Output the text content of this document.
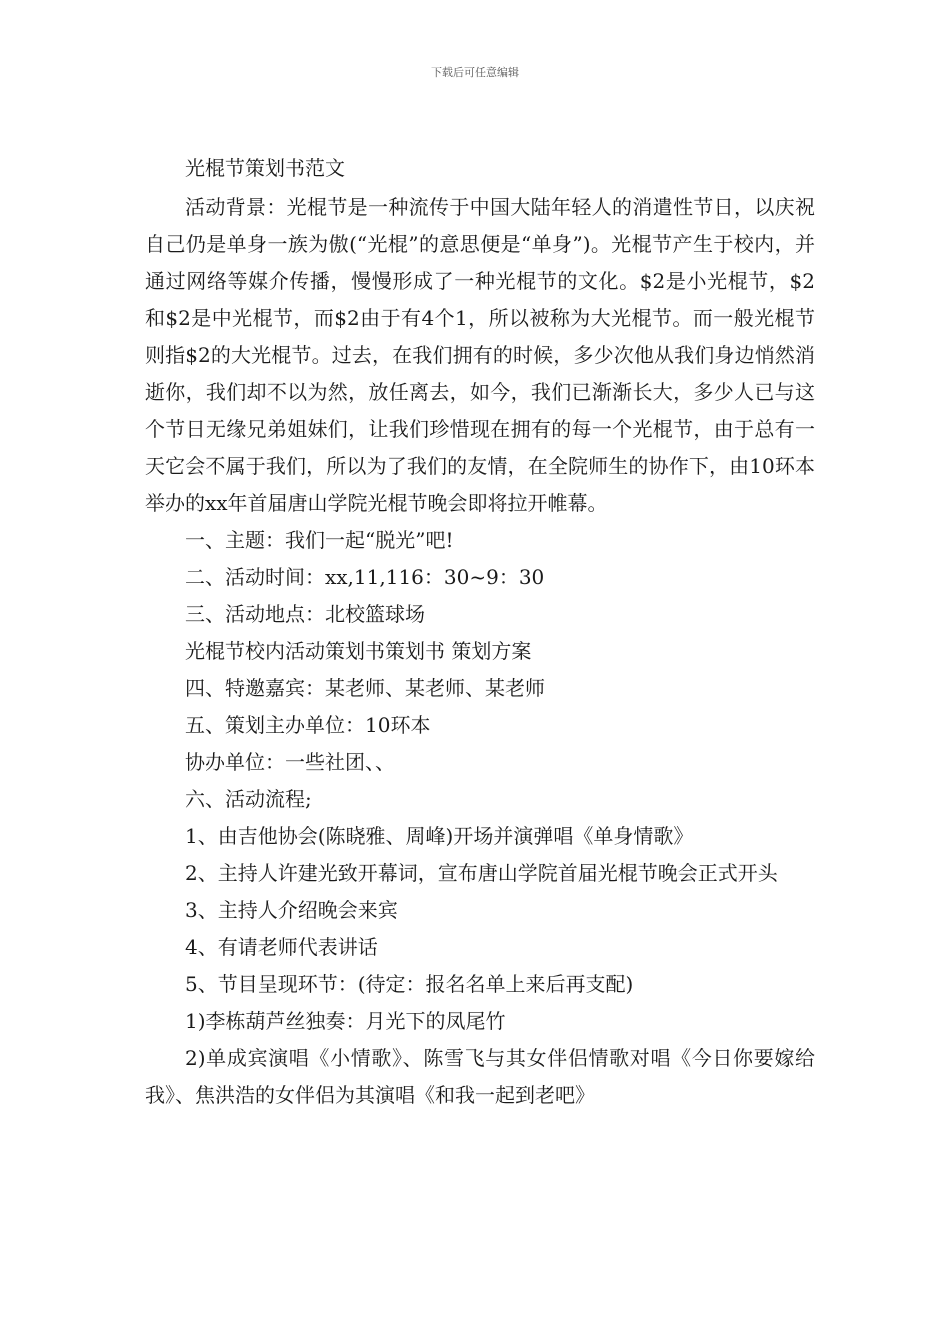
下载后可任意编辑

光棍节策划书范文

活动背景：光棍节是一种流传于中国大陆年轻人的消遣性节日，以庆祝自己仍是单身一族为傲(“光棍”的意思便是“单身”)。光棍节产生于校内，并通过网络等媒介传播，慢慢形成了一种光棍节的文化。$2是小光棍节，$2和$2是中光棍节，而$2由于有4个1，所以被称为大光棍节。而一般光棍节则指$2的大光棍节。过去，在我们拥有的时候，多少次他从我们身边悄然消逝你，我们却不以为然，放任离去，如今，我们已渐渐长大，多少人已与这个节日无缘兄弟姐妹们，让我们珍惜现在拥有的每一个光棍节，由于总有一天它会不属于我们，所以为了我们的友情，在全院师生的协作下，由10环本举办的xx年首届唐山学院光棍节晚会即将拉开帷幕。

一、主题：我们一起“脱光”吧!

二、活动时间：xx,11,116：30~9：30

三、活动地点：北校篮球场

光棍节校内活动策划书策划书 策划方案

四、特邀嘉宾：某老师、某老师、某老师

五、策划主办单位：10环本

协办单位：一些社团、、

六、活动流程;

1、由吉他协会(陈晓雅、周峰)开场并演弹唱《单身情歌》

2、主持人许建光致开幕词，宣布唐山学院首届光棍节晚会正式开头

3、主持人介绍晚会来宾

4、有请老师代表讲话

5、节目呈现环节：(待定：报名名单上来后再支配)

1)李栋葫芦丝独奏：月光下的凤尾竹

2)单成宾演唱《小情歌》、陈雪飞与其女伴侣情歌对唱《今日你要嫁给我》、焦洪浩的女伴侣为其演唱《和我一起到老吧》
